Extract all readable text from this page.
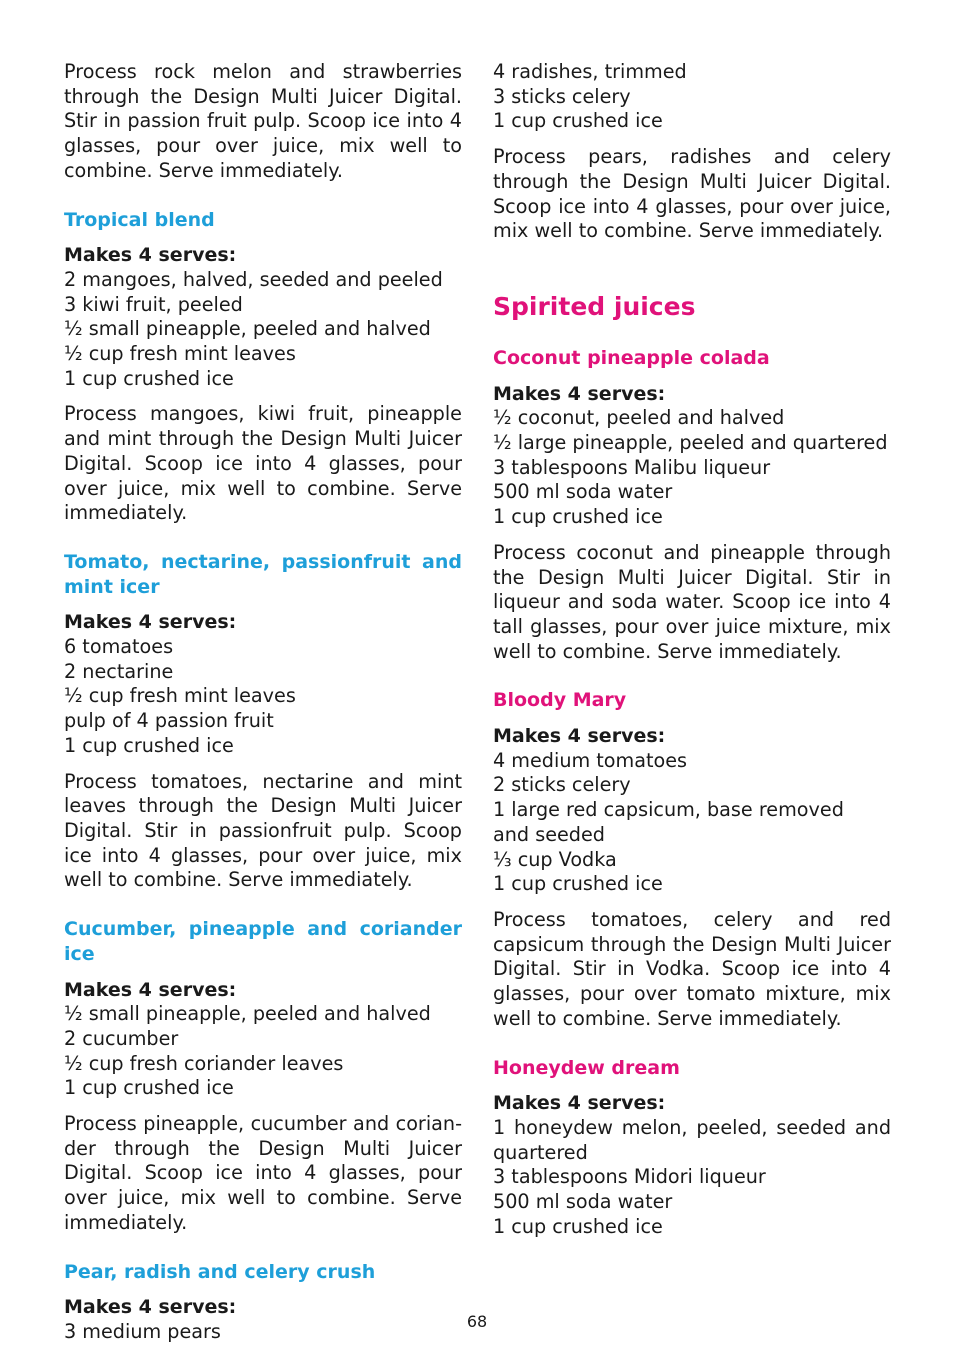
Process rock melon and strawberries through the Design Multi Juicer Digital. Stir in passion fruit pulp. Scoop ice into 4 glasses, pour over juice, mix well to combine. Serve immediately.

Tropical blend

Makes 4 serves:

2 mangoes, halved, seeded and peeled
3 kiwi fruit, peeled
½ small pineapple, peeled and halved
½ cup fresh mint leaves
1 cup crushed ice

Process mangoes, kiwi fruit, pineapple and mint through the Design Multi Juicer Digital. Scoop ice into 4 glasses, pour over juice, mix well to combine. Serve immediately.

Tomato, nectarine, passionfruit and mint icer

Makes 4 serves:

6 tomatoes
2 nectarine
½ cup fresh mint leaves
pulp of 4 passion fruit
1 cup crushed ice

Process tomatoes, nectarine and mint leaves through the Design Multi Juicer Digital. Stir in passionfruit pulp. Scoop ice into 4 glasses, pour over juice, mix well to combine. Serve immediately.

Cucumber, pineapple and coriander ice

Makes 4 serves:

½ small pineapple, peeled and halved
2 cucumber
½ cup fresh coriander leaves
1 cup crushed ice

Process pineapple, cucumber and corian- der through the Design Multi Juicer Digital. Scoop ice into 4 glasses, pour over juice, mix well to combine. Serve immediately.

Pear, radish and celery crush

Makes 4 serves:

3 medium pears
4 radishes, trimmed
3 sticks celery
1 cup crushed ice

Process pears, radishes and celery through the Design Multi Juicer Digital. Scoop ice into 4 glasses, pour over juice, mix well to combine. Serve immediately.

Spirited juices
Coconut pineapple colada

Makes 4 serves:

½ coconut, peeled and halved
½ large pineapple, peeled and quartered
3 tablespoons Malibu liqueur
500 ml soda water
1 cup crushed ice

Process coconut and pineapple through the Design Multi Juicer Digital. Stir in liqueur and soda water. Scoop ice into 4 tall glasses, pour over juice mixture, mix well to combine. Serve immediately.

Bloody Mary

Makes 4 serves:

4 medium tomatoes
2 sticks celery
1 large red capsicum, base removed
and seeded
⅓ cup Vodka
1 cup crushed ice

Process tomatoes, celery and red capsicum through the Design Multi Juicer Digital. Stir in Vodka. Scoop ice into 4 glasses, pour over tomato mixture, mix well to combine. Serve immediately.

Honeydew dream

Makes 4 serves:

1 honeydew melon, peeled, seeded and quartered
3 tablespoons Midori liqueur
500 ml soda water
1 cup crushed ice
68
